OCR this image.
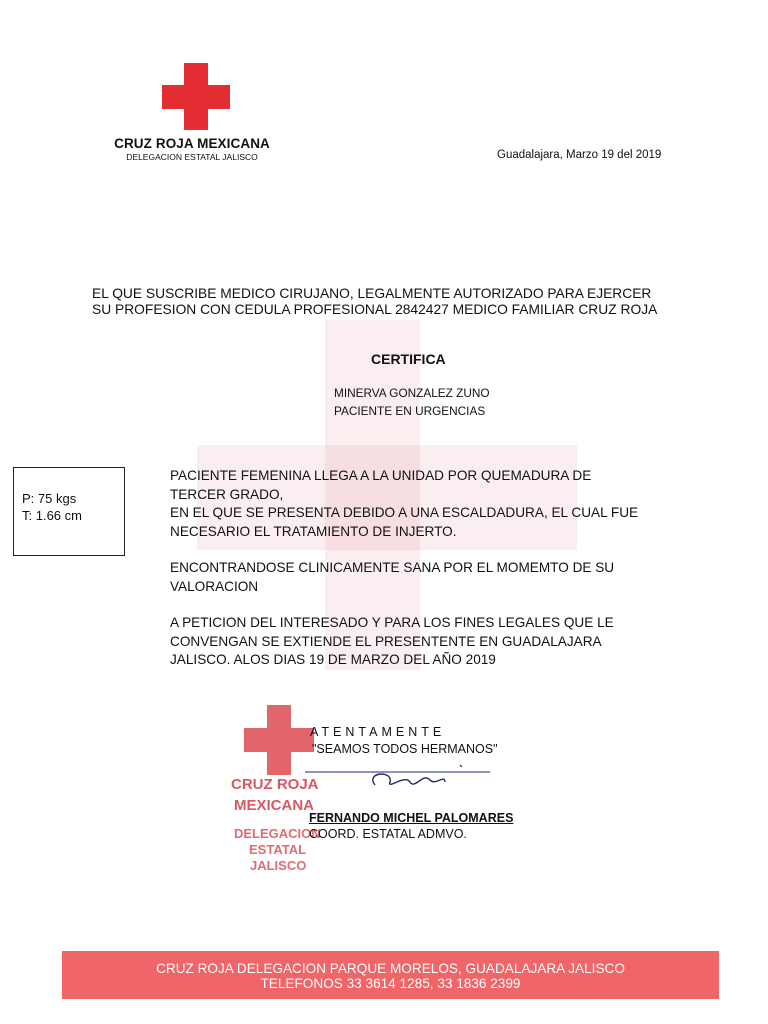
CRUZ ROJA MEXICANA
DELEGACION ESTATAL JALISCO	Guadalajara, Marzo 19 del 2019
EL QUE SUSCRIBE MEDICO CIRUJANO, LEGALMENTE AUTORIZADO PARA EJERCER
SU PROFESION CON CEDULA PROFESIONAL 2842427 MEDICO FAMILIAR CRUZ ROJA
CERTIFICA
MINERVA GONZALEZ ZUNO
PACIENTE EN URGENCIAS
P: 75 kgs
T: 1.66 cm

PACIENTE FEMENINA LLEGA A LA UNIDAD POR QUEMADURA DE
TERCER GRADO,
EN EL QUE SE PRESENTA DEBIDO A UNA ESCALDADURA, EL CUAL FUE
NECESARIO EL TRATAMIENTO DE INJERTO.

ENCONTRANDOSE CLINICAMENTE SANA POR EL MOMEMTO DE SU
VALORACION

A PETICION DEL INTERESADO Y PARA LOS FINES LEGALES QUE LE
CONVENGAN SE EXTIENDE EL PRESENTENTE EN GUADALAJARA
JALISCO. ALOS DIAS 19 DE MARZO DEL AÑO 2019

CRUZ ROJA
MEXICANA
DELEGACION
ESTATAL
JALISCO
ATENTAMENTE
"SEAMOS TODOS HERMANOS"
FERNANDO MICHEL PALOMARES
COORD. ESTATAL ADMVO.
CRUZ ROJA DELEGACION PARQUE MORELOS, GUADALAJARA JALISCO
TELEFONOS 33 3614 1285, 33 1836 2399
